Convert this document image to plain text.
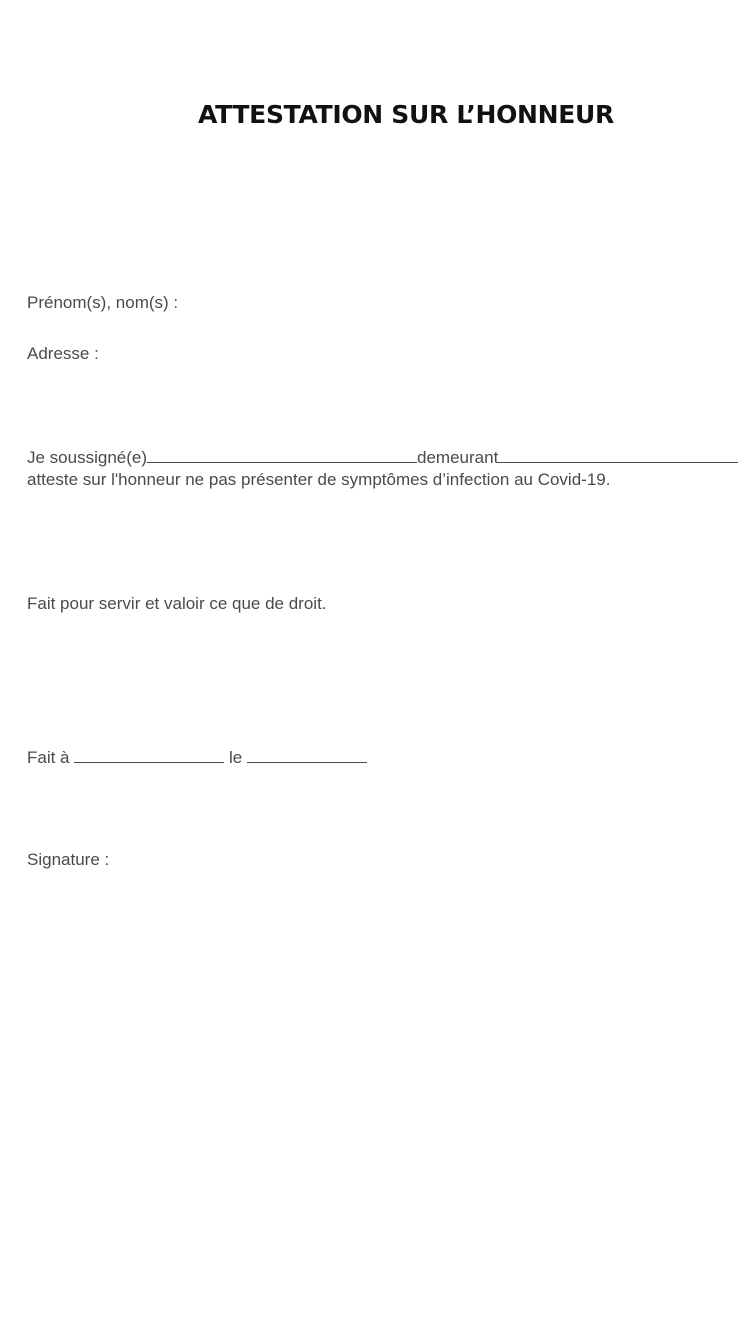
ATTESTATION SUR L’HONNEUR
Prénom(s), nom(s) :
Adresse :
Je soussigné(e)	demeurant
atteste sur l'honneur ne pas présenter de symptômes d’infection au Covid-19.
Fait pour servir et valoir ce que de droit.
Fait à	le
Signature :
